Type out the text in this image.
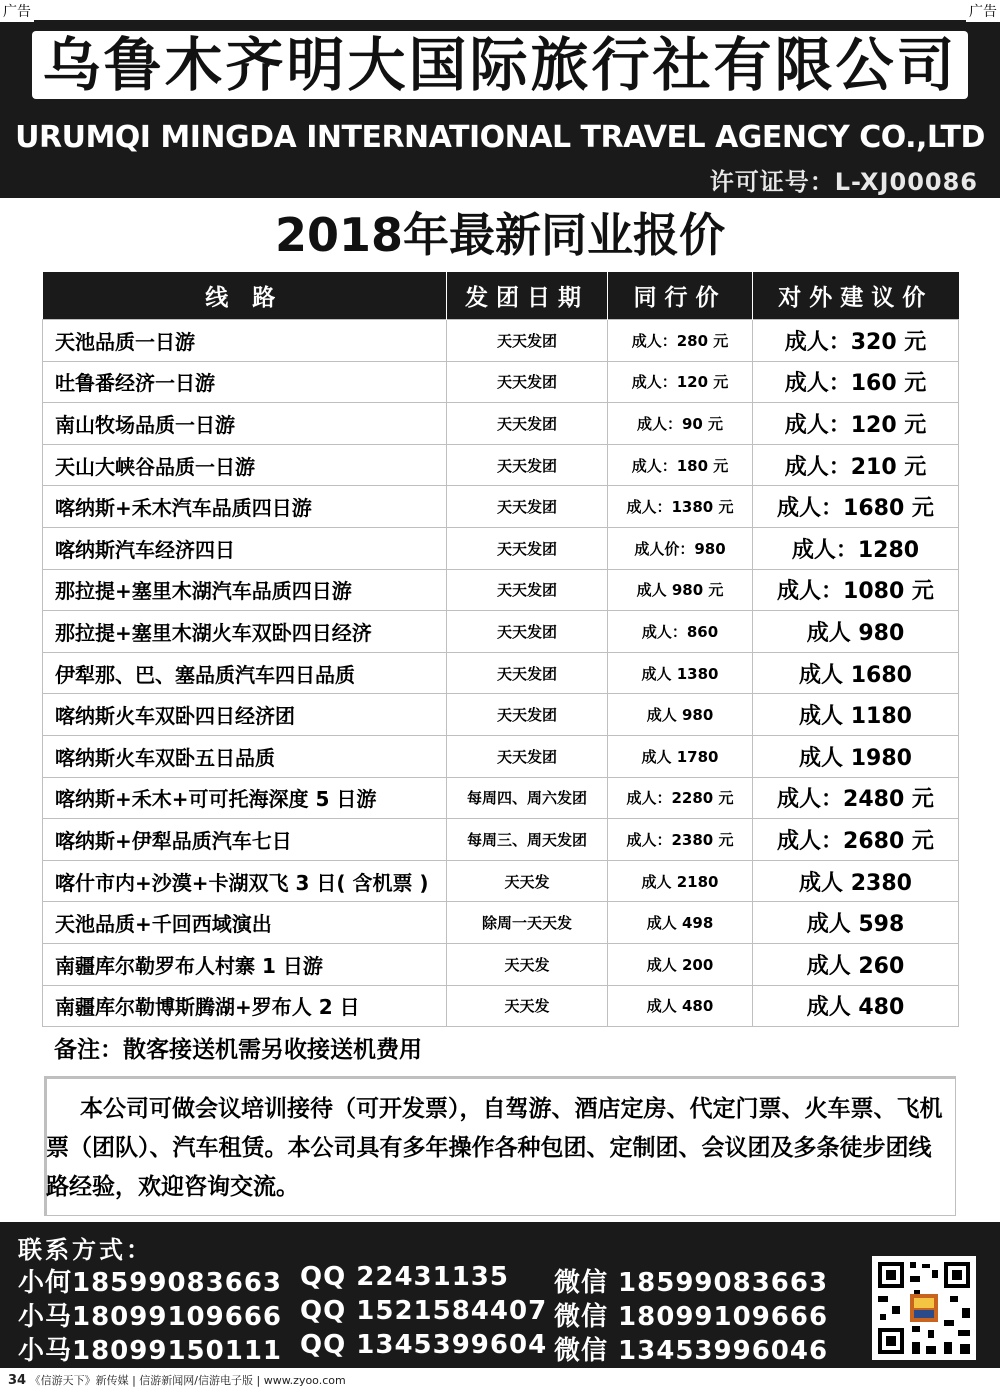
广告	广告
乌鲁木齐明大国际旅行社有限公司
URUMQI MINGDA INTERNATIONAL TRAVEL AGENCY CO.,LTD
许可证号：L-XJ00086
2018年最新同业报价
线 路	发团日期	同行价	对外建议价
天池品质一日游	天天发团	成人：280 元	成人：320 元
吐鲁番经济一日游	天天发团	成人：120 元	成人：160 元
南山牧场品质一日游	天天发团	成人：90 元	成人：120 元
天山大峡谷品质一日游	天天发团	成人：180 元	成人：210 元
喀纳斯+禾木汽车品质四日游	天天发团	成人：1380 元	成人：1680 元
喀纳斯汽车经济四日	天天发团	成人价：980	成人：1280
那拉提+塞里木湖汽车品质四日游	天天发团	成人 980 元	成人：1080 元
那拉提+塞里木湖火车双卧四日经济	天天发团	成人：860	成人 980
伊犁那、巴、塞品质汽车四日品质	天天发团	成人 1380	成人 1680
喀纳斯火车双卧四日经济团	天天发团	成人 980	成人 1180
喀纳斯火车双卧五日品质	天天发团	成人 1780	成人 1980
喀纳斯+禾木+可可托海深度 5 日游	每周四、周六发团	成人：2280 元	成人：2480 元
喀纳斯+伊犁品质汽车七日	每周三、周天发团	成人：2380 元	成人：2680 元
喀什市内+沙漠+卡湖双飞 3 日( 含机票 )	天天发	成人 2180	成人 2380
天池品质+千回西域演出	除周一天天发	成人 498	成人 598
南疆库尔勒罗布人村寨 1 日游	天天发	成人 200	成人 260
南疆库尔勒博斯腾湖+罗布人 2 日	天天发	成人 480	成人 480
备注：散客接送机需另收接送机费用
本公司可做会议培训接待（可开发票），自驾游、酒店定房、代定门票、火车票、飞机票（团队）、汽车租赁。本公司具有多年操作各种包团、定制团、会议团及多条徒步团线路经验，欢迎咨询交流。
联系方式：
小何18599083663 QQ 22431135 微信 18599083663
小马18099109666 QQ 1521584407 微信 18099109666
小马18099150111 QQ 1345399604 微信 13453996046
34 《信游天下》新传媒 | 信游新闻网/信游电子版 | www.zyoo.com
